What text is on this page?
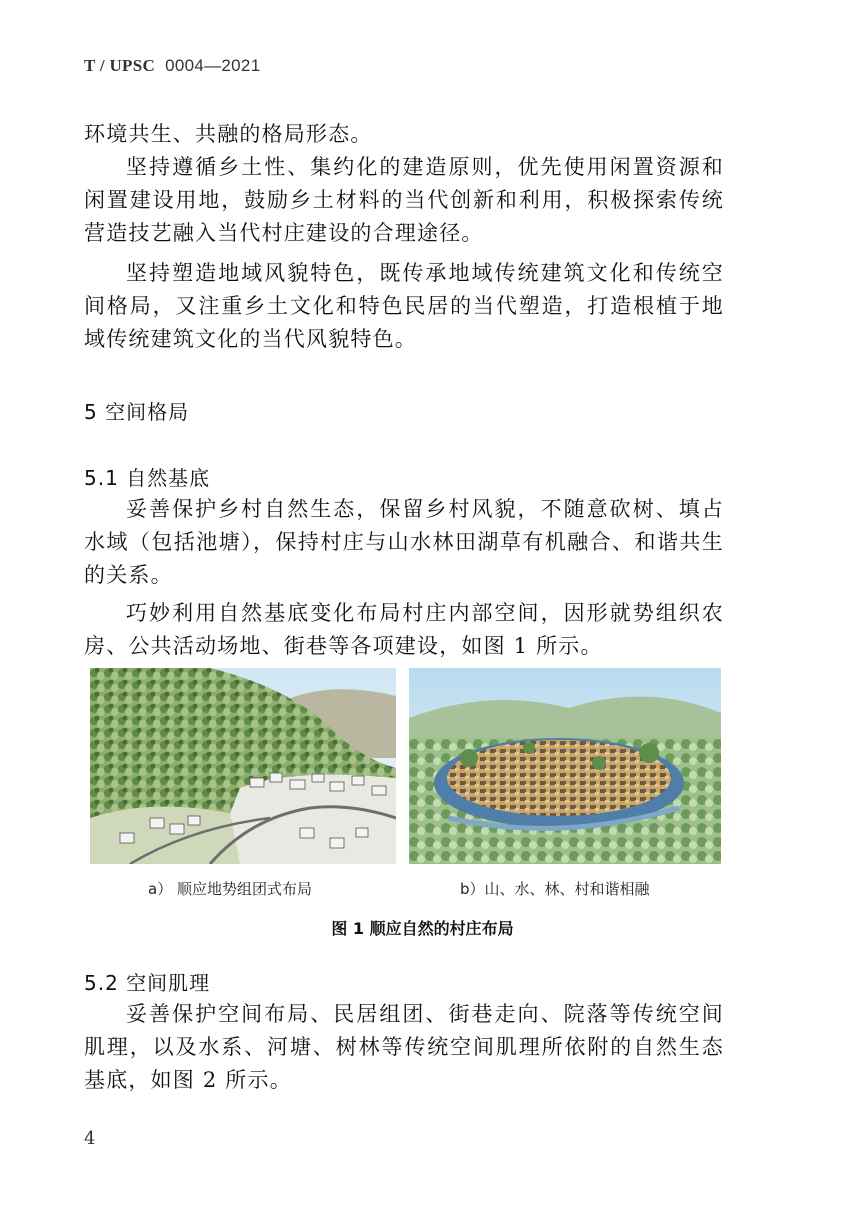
T / UPSC 0004—2021

环境共生、共融的格局形态。

坚持遵循乡土性、集约化的建造原则，优先使用闲置资源和闲置建设用地，鼓励乡土材料的当代创新和利用，积极探索传统营造技艺融入当代村庄建设的合理途径。

坚持塑造地域风貌特色，既传承地域传统建筑文化和传统空间格局，又注重乡土文化和特色民居的当代塑造，打造根植于地域传统建筑文化的当代风貌特色。

5 空间格局
5.1 自然基底

妥善保护乡村自然生态，保留乡村风貌，不随意砍树、填占水域（包括池塘），保持村庄与山水林田湖草有机融合、和谐共生的关系。

巧妙利用自然基底变化布局村庄内部空间，因形就势组织农房、公共活动场地、街巷等各项建设，如图 1 所示。

a） 顺应地势组团式布局	b）山、水、林、村和谐相融
图 1 顺应自然的村庄布局
5.2 空间肌理

妥善保护空间布局、民居组团、街巷走向、院落等传统空间肌理，以及水系、河塘、树林等传统空间肌理所依附的自然生态基底，如图 2 所示。

4
